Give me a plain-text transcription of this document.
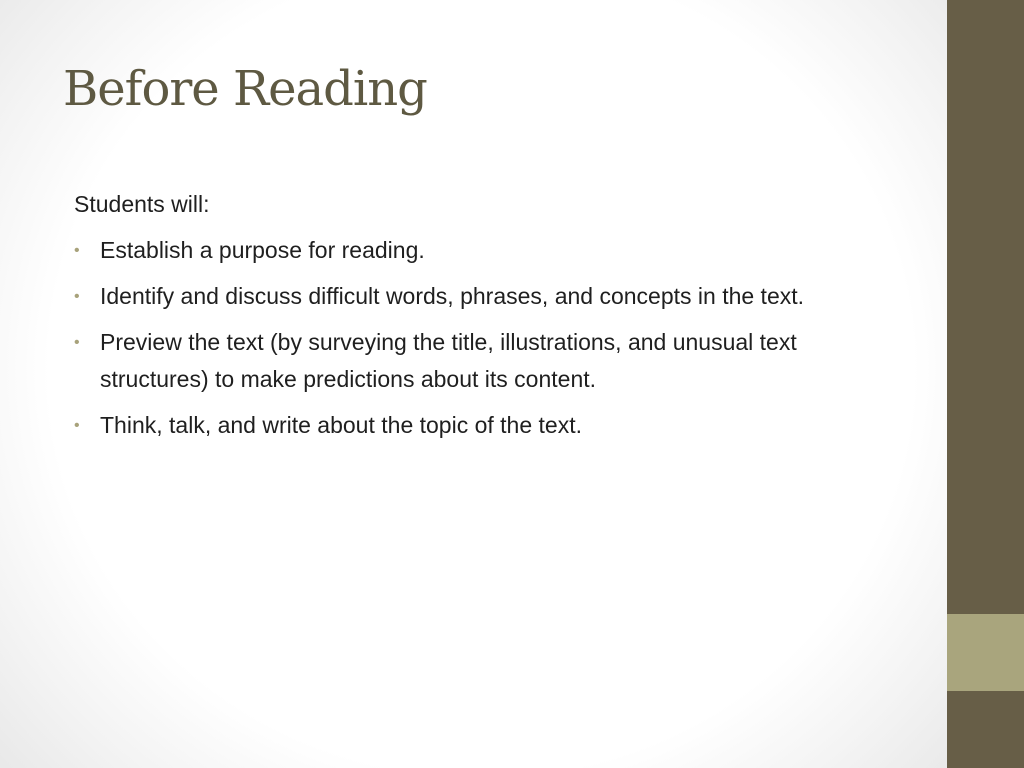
Before Reading

Students will:

• Establish a purpose for reading.
• Identify and discuss difficult words, phrases, and concepts in the text.
• Preview the text (by surveying the title, illustrations, and unusual text structures) to make predictions about its content.
• Think, talk, and write about the topic of the text.
